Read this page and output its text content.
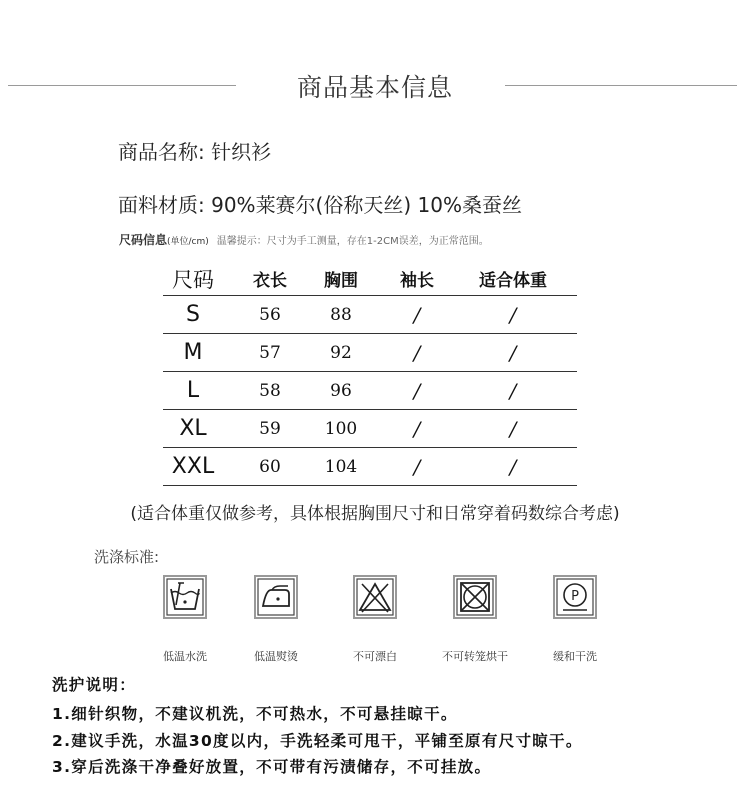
商品基本信息
商品名称: 针织衫
面料材质: 90%莱赛尔(俗称天丝) 10%桑蚕丝
尺码信息(单位/cm) 温馨提示：尺寸为手工测量，存在1-2CM误差，为正常范围。
尺码	衣长	胸围	袖长	适合体重
S	56	88	/	/
M	57	92	/	/
L	58	96	/	/
XL	59	100	/	/
XXL	60	104	/	/
(适合体重仅做参考，具体根据胸围尺寸和日常穿着码数综合考虑)
洗涤标准:
P
低温水洗	低温熨烫	不可漂白	不可转笼烘干	缓和干洗
洗护说明：
1.细针织物，不建议机洗，不可热水，不可悬挂晾干。
2.建议手洗，水温30度以内，手洗轻柔可甩干，平铺至原有尺寸晾干。
3.穿后洗涤干净叠好放置，不可带有污渍储存，不可挂放。
